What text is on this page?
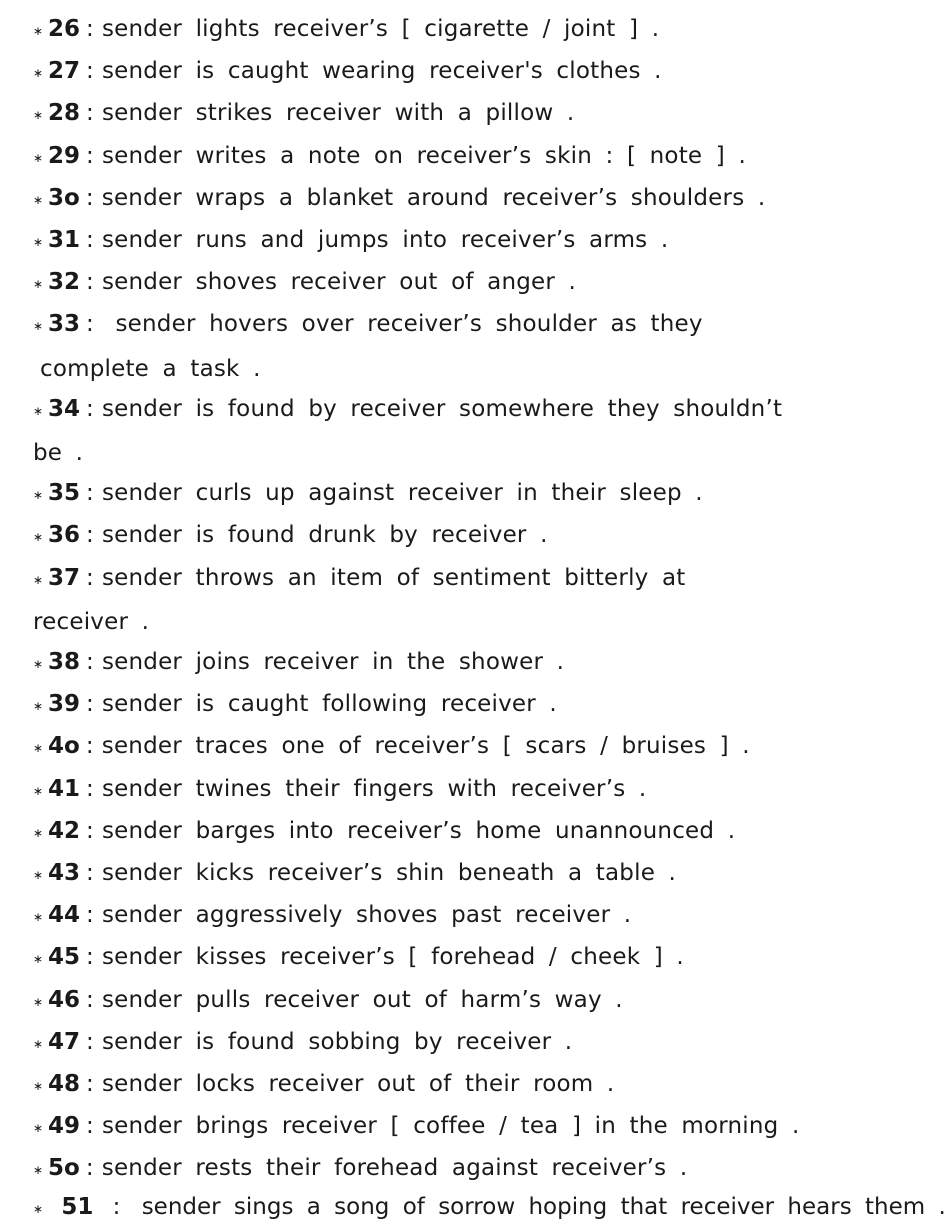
∗ 26 : sender lights receiver’s [ cigarette / joint ] .
∗ 27 : sender is caught wearing receiver's clothes .
∗ 28 : sender strikes receiver with a pillow .
∗ 29 : sender writes a note on receiver’s skin : [ note ] .
∗ 3o : sender wraps a blanket around receiver’s shoulders .
∗ 31 : sender runs and jumps into receiver’s arms .
∗ 32 : sender shoves receiver out of anger .
∗ 33 : sender hovers over receiver’s shoulder as they
complete a task .
∗ 34 : sender is found by receiver somewhere they shouldn’t
be .
∗ 35 : sender curls up against receiver in their sleep .
∗ 36 : sender is found drunk by receiver .
∗ 37 : sender throws an item of sentiment bitterly at
receiver .
∗ 38 : sender joins receiver in the shower .
∗ 39 : sender is caught following receiver .
∗ 4o : sender traces one of receiver’s [ scars / bruises ] .
∗ 41 : sender twines their fingers with receiver’s .
∗ 42 : sender barges into receiver’s home unannounced .
∗ 43 : sender kicks receiver’s shin beneath a table .
∗ 44 : sender aggressively shoves past receiver .
∗ 45 : sender kisses receiver’s [ forehead / cheek ] .
∗ 46 : sender pulls receiver out of harm’s way .
∗ 47 : sender is found sobbing by receiver .
∗ 48 : sender locks receiver out of their room .
∗ 49 : sender brings receiver [ coffee / tea ] in the morning .
∗ 5o : sender rests their forehead against receiver’s .
∗ 51 : sender sings a song of sorrow hoping that receiver hears them .
